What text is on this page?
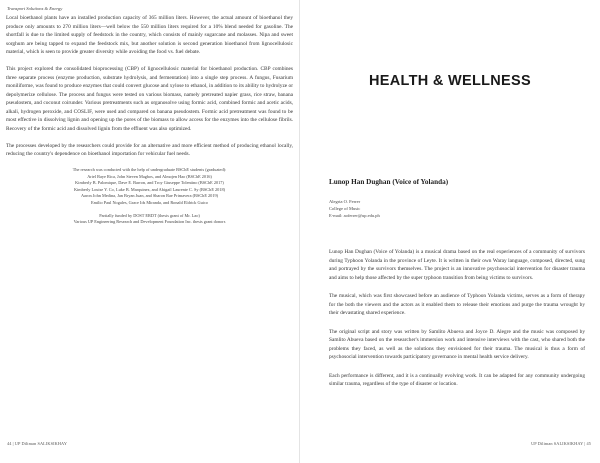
Transport Solutions & Energy

Local bioethanol plants have an installed production capacity of 365 million liters. However, the actual amount of bioethanol they produce only amounts to 270 million liters—well below the 550 million liters required for a 10% blend needed for gasoline. The shortfall is due to the limited supply of feedstock in the country, which consists of mainly sugarcane and molasses. Nipa and sweet sorghum are being tapped to expand the feedstock mix, but another solution is second generation bioethanol from lignocellulosic material, which is seen to provide greater diversity while avoiding the food vs. fuel debate.

This project explored the consolidated bioprocessing (CBP) of lignocellulosic material for bioethanol production. CBP combines three separate process (enzyme production, substrate hydrolysis, and fermentation) into a single step process. A fungus, Fusarium moniliforme, was found to produce enzymes that could convert glucose and xylose to ethanol, in addition to its ability to hydrolyze or depolymerize cellulose. The process and fungus were tested on various biomass, namely pretreated napier grass, rice straw, banana pseudostem, and coconut coirunder. Various pretreatments such as organosolve using formic acid, combined formic and acetic acids, alkali, hydrogen peroxide, and COSLIF, were used and compared on banana pseudostem. Formic acid pretreatment was found to be most effective in dissolving lignin and opening up the pores of the biomass to allow access for the enzymes into the cellulose fibrils. Recovery of the formic acid and dissolved lignin from the effluent was also optimized.

The processes developed by the researchers could provide for an alternative and more efficient method of producing ethanol locally, reducing the country's dependence on bioethanol importation for vehicular fuel needs.

The research was conducted with the help of undergraduate BSChE students (graduated):
Ariel Raye Rica, John Steven Magbos, and Almojen Hao (BSChE 2016)
Kimberly B. Palomique, Dave E. Barron, and Troy Giuseppe Tolentino (BSChE 2017)
Kimberly Louise Y. Co, Luke B. Marquinez, and Abigail Laurente C. Sy (BSChE 2018)
Aaron John Medina, Jan Bryan Juan, and Sharon Rae Primavera (BSChE 2019)
Emilio Paul Nogales, Grace Ids Miranda, and Ronald Eldrick Guico
Partially funded by DOST ERDT (thesis grant of Mr. Lao)
Various UP Engineering Research and Development Foundation Inc. thesis grant donors
44 | UP Diliman SALIKSIKHAY
HEALTH & WELLNESS

Lunop Han Dughan (Voice of Yolanda)

Alegria O. Ferrer
College of Music
E-mail: aoferrer@up.edu.ph

Lunop Han Dughan (Voice of Yolanda) is a musical drama based on the real experiences of a community of survivors during Typhoon Yolanda in the province of Leyte. It is written in their own Waray language, composed, directed, sung and portrayed by the survivors themselves. The project is an innovative psychosocial intervention for disaster trauma and aims to help those affected by the super typhoon transition from being victims to survivors.

The musical, which was first showcased before an audience of Typhoon Yolanda victims, serves as a form of therapy for the both the viewers and the actors as it enabled them to release their emotions and purge the trauma wrought by their devastating shared experience.

The original script and story was written by Samlito Abueva and Joyce D. Alegre and the music was composed by Samlito Abueva based on the researcher's immersion work and intensive interviews with the cast, who shared both the problems they faced, as well as the solutions they envisioned for their trauma. The musical is thus a form of psychosocial intervention towards participatory governance in mental health service delivery.

Each performance is different, and it is a continually evolving work. It can be adapted for any community undergoing similar trauma, regardless of the type of disaster or location.

UP Diliman SALIKSIKHAY | 45
